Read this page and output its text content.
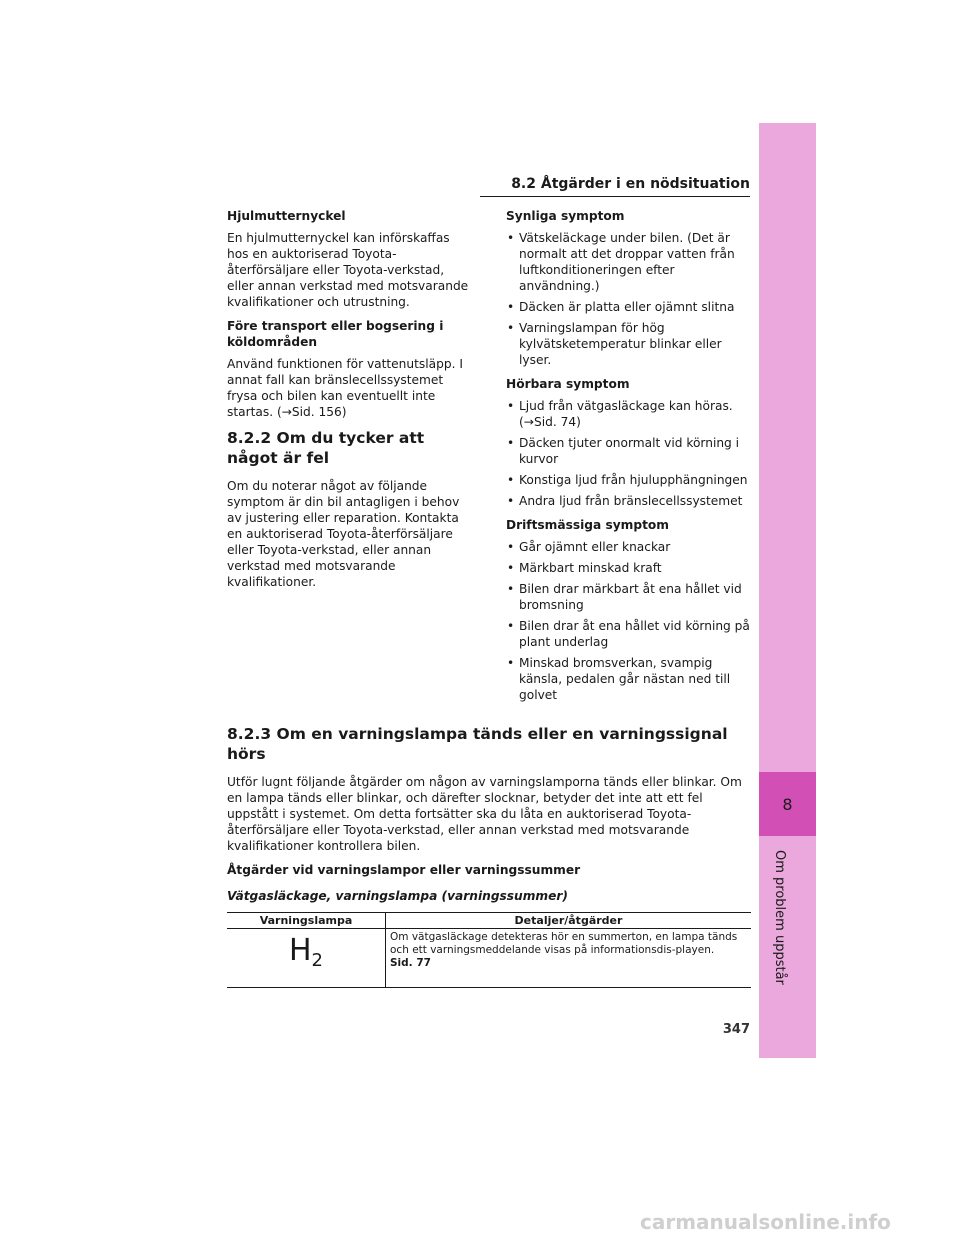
8
Om problem uppstår
8.2 Åtgärder i en nödsituation
Hjulmutternyckel

En hjulmutternyckel kan införskaffas hos en auktoriserad Toyota-återförsäljare eller Toyota-verkstad, eller annan verkstad med motsvarande kvalifikationer och utrustning.

Före transport eller bogsering i köldområden

Använd funktionen för vattenutsläpp. I annat fall kan bränslecellssystemet frysa och bilen kan eventuellt inte startas. (→Sid. 156)

8.2.2 Om du tycker att något är fel

Om du noterar något av följande symptom är din bil antagligen i behov av justering eller reparation. Kontakta en auktoriserad Toyota-återförsäljare eller Toyota-verkstad, eller annan verkstad med motsvarande kvalifikationer.

Synliga symptom
• Vätskeläckage under bilen. (Det är normalt att det droppar vatten från luftkonditioneringen efter användning.)
• Däcken är platta eller ojämnt slitna
• Varningslampan för hög kylvätsketemperatur blinkar eller lyser.
Hörbara symptom
• Ljud från vätgasläckage kan höras. (→Sid. 74)
• Däcken tjuter onormalt vid körning i kurvor
• Konstiga ljud från hjulupphängningen
• Andra ljud från bränslecellssystemet
Driftsmässiga symptom
• Går ojämnt eller knackar
• Märkbart minskad kraft
• Bilen drar märkbart åt ena hållet vid bromsning
• Bilen drar åt ena hållet vid körning på plant underlag
• Minskad bromsverkan, svampig känsla, pedalen går nästan ned till golvet
8.2.3 Om en varningslampa tänds eller en varningssignal hörs

Utför lugnt följande åtgärder om någon av varningslamporna tänds eller blinkar. Om en lampa tänds eller blinkar, och därefter slocknar, betyder det inte att ett fel uppstått i systemet. Om detta fortsätter ska du låta en auktoriserad Toyota-återförsäljare eller Toyota-verkstad, eller annan verkstad med motsvarande kvalifikationer kontrollera bilen.

Åtgärder vid varningslampor eller varningssummer
Vätgasläckage, varningslampa (varningssummer)
Varningslampa	Detaljer/åtgärder
$H_2$	Om vätgasläckage detekteras hör en summerton, en lampa tänds och ett varningsmeddelande visas på informationsdis-playen.
Sid. 77
347
carmanualsonline.info
